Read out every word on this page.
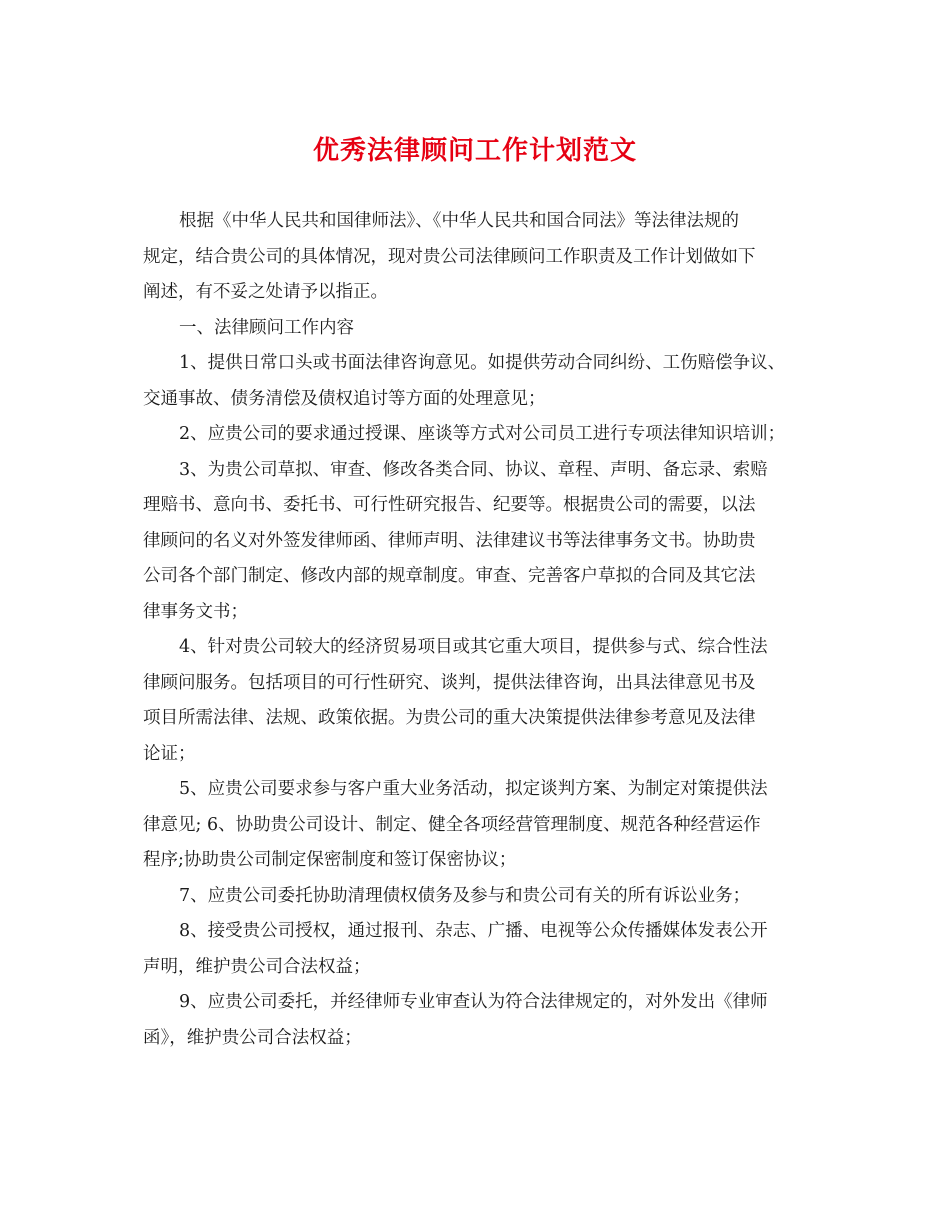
优秀法律顾问工作计划范文
根据《中华人民共和国律师法》、《中华人民共和国合同法》等法律法规的
规定，结合贵公司的具体情况，现对贵公司法律顾问工作职责及工作计划做如下
阐述，有不妥之处请予以指正。
一、法律顾问工作内容
1、提供日常口头或书面法律咨询意见。如提供劳动合同纠纷、工伤赔偿争议、
交通事故、债务清偿及债权追讨等方面的处理意见；
2、应贵公司的要求通过授课、座谈等方式对公司员工进行专项法律知识培训；
3、为贵公司草拟、审查、修改各类合同、协议、章程、声明、备忘录、索赔
理赔书、意向书、委托书、可行性研究报告、纪要等。根据贵公司的需要，以法
律顾问的名义对外签发律师函、律师声明、法律建议书等法律事务文书。协助贵
公司各个部门制定、修改内部的规章制度。审查、完善客户草拟的合同及其它法
律事务文书；
4、针对贵公司较大的经济贸易项目或其它重大项目，提供参与式、综合性法
律顾问服务。包括项目的可行性研究、谈判，提供法律咨询，出具法律意见书及
项目所需法律、法规、政策依据。为贵公司的重大决策提供法律参考意见及法律
论证；
5、应贵公司要求参与客户重大业务活动，拟定谈判方案、为制定对策提供法
律意见; 6、协助贵公司设计、制定、健全各项经营管理制度、规范各种经营运作
程序;协助贵公司制定保密制度和签订保密协议；
7、应贵公司委托协助清理债权债务及参与和贵公司有关的所有诉讼业务；
8、接受贵公司授权，通过报刊、杂志、广播、电视等公众传播媒体发表公开
声明，维护贵公司合法权益；
9、应贵公司委托，并经律师专业审查认为符合法律规定的，对外发出《律师
函》，维护贵公司合法权益；
